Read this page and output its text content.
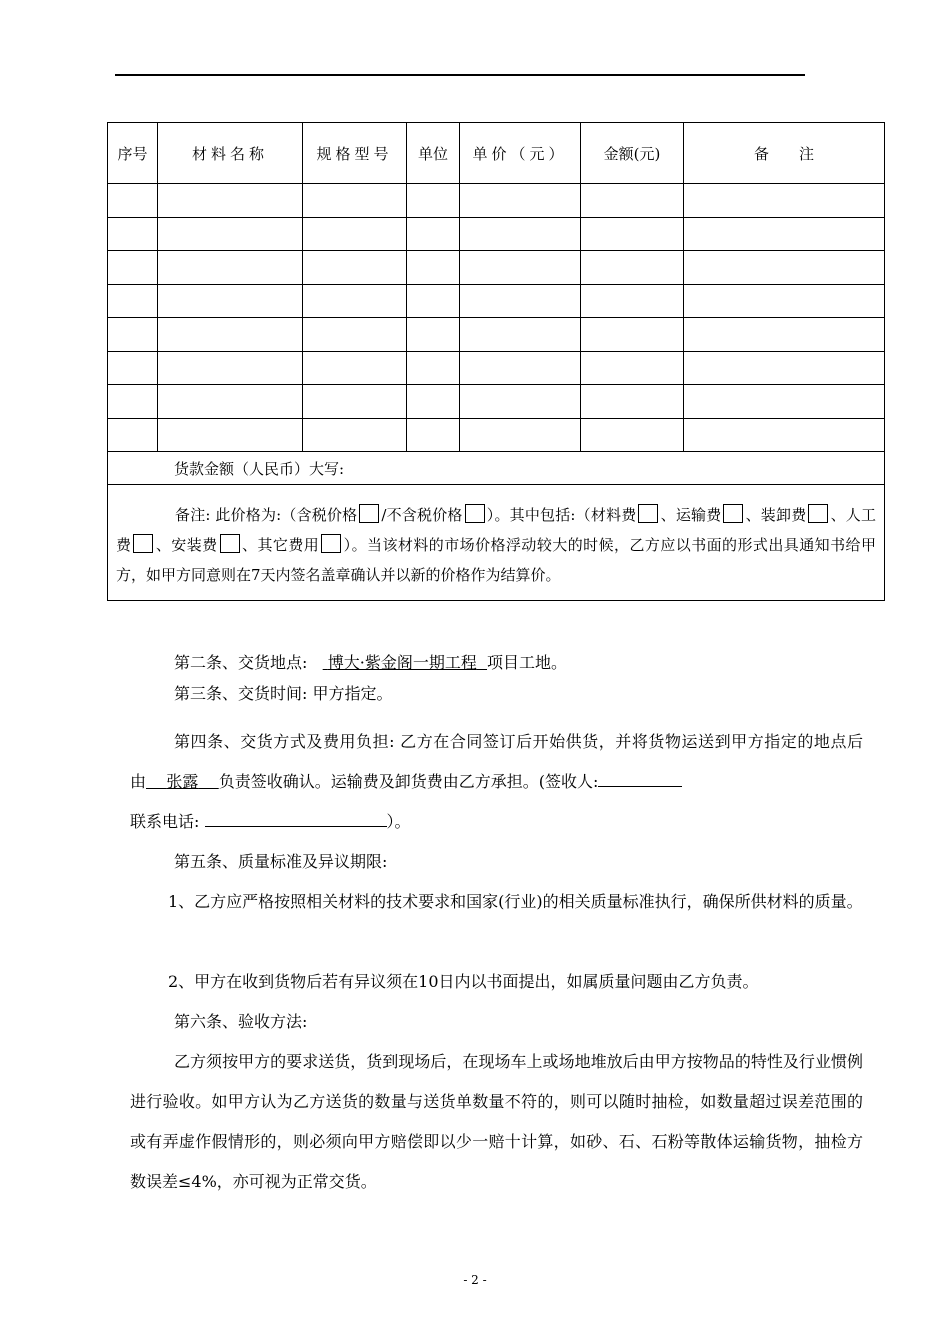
序号	材料名称	规格型号	单位	单价（元）	金额(元)	备　　注

货款金额（人民币）大写:						
备注: 此价格为:（含税价格 /不含税价格 ）。其中包括:（材料费 、运输费 、装卸费 、人工费 、安装费 、其它费用 ）。当该材料的市场价格浮动较大的时候，乙方应以书面的形式出具通知书给甲方，如甲方同意则在7天内签名盖章确认并以新的价格作为结算价。						
第二条、交货地点: 博大·紫金阁一期工程 项目工地。
第三条、交货时间: 甲方指定。
第四条、交货方式及费用负担: 乙方在合同签订后开始供货，并将货物运送到甲方指定的地点后由 张露 负责签收确认。运输费及卸货费由乙方承担。(签收人:
联系电话:	）。
第五条、质量标准及异议期限:
1、乙方应严格按照相关材料的技术要求和国家(行业)的相关质量标准执行，确保所供材料的质量。
2、甲方在收到货物后若有异议须在10日内以书面提出，如属质量问题由乙方负责。
第六条、验收方法:
乙方须按甲方的要求送货，货到现场后，在现场车上或场地堆放后由甲方按物品的特性及行业惯例进行验收。如甲方认为乙方送货的数量与送货单数量不符的，则可以随时抽检，如数量超过误差范围的或有弄虚作假情形的，则必须向甲方赔偿即以少一赔十计算，如砂、石、石粉等散体运输货物，抽检方数误差≤4%，亦可视为正常交货。
- 2 -
